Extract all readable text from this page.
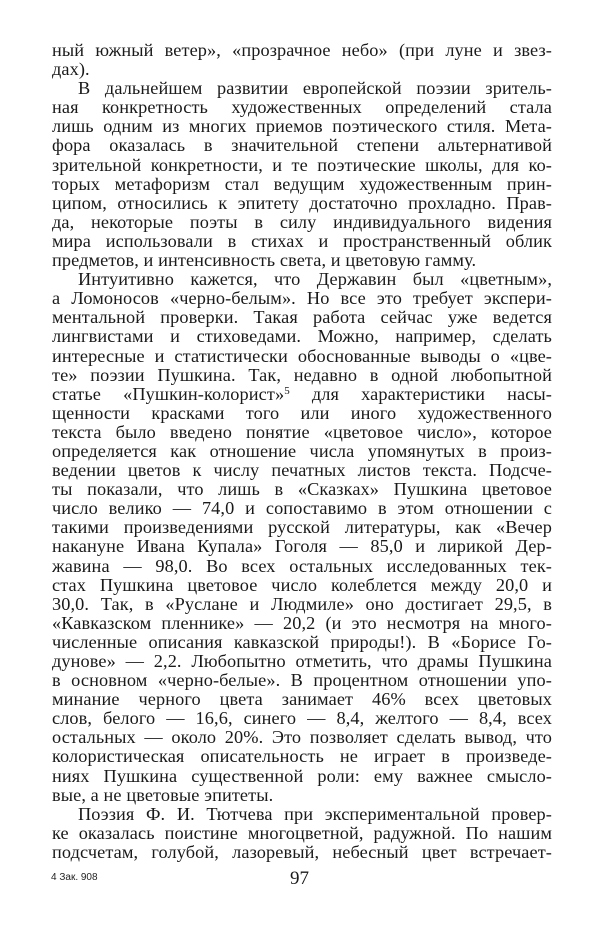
ный южный ветер», «прозрачное небо» (при луне и звез-
дах).
В дальнейшем развитии европейской поэзии зритель-
ная конкретность художественных определений стала
лишь одним из многих приемов поэтического стиля. Мета-
фора оказалась в значительной степени альтернативой
зрительной конкретности, и те поэтические школы, для ко-
торых метафоризм стал ведущим художественным прин-
ципом, относились к эпитету достаточно прохладно. Прав-
да, некоторые поэты в силу индивидуального видения
мира использовали в стихах и пространственный облик
предметов, и интенсивность света, и цветовую гамму.
Интуитивно кажется, что Державин был «цветным»,
а Ломоносов «черно-белым». Но все это требует экспери-
ментальной проверки. Такая работа сейчас уже ведется
лингвистами и стиховедами. Можно, например, сделать
интересные и статистически обоснованные выводы о «цве-
те» поэзии Пушкина. Так, недавно в одной любопытной
статье «Пушкин-колорист»$^5$ для характеристики насы-
щенности красками того или иного художественного
текста было введено понятие «цветовое число», которое
определяется как отношение числа упомянутых в произ-
ведении цветов к числу печатных листов текста. Подсче-
ты показали, что лишь в «Сказках» Пушкина цветовое
число велико — 74,0 и сопоставимо в этом отношении с
такими произведениями русской литературы, как «Вечер
накануне Ивана Купала» Гоголя — 85,0 и лирикой Дер-
жавина — 98,0. Во всех остальных исследованных тек-
стах Пушкина цветовое число колеблется между 20,0 и
30,0. Так, в «Руслане и Людмиле» оно достигает 29,5, в
«Кавказском пленнике» — 20,2 (и это несмотря на много-
численные описания кавказской природы!). В «Борисе Го-
дунове» — 2,2. Любопытно отметить, что драмы Пушкина
в основном «черно-белые». В процентном отношении упо-
минание черного цвета занимает 46% всех цветовых
слов, белого — 16,6, синего — 8,4, желтого — 8,4, всех
остальных — около 20%. Это позволяет сделать вывод, что
колористическая описательность не играет в произведе-
ниях Пушкина существенной роли: ему важнее смысло-
вые, а не цветовые эпитеты.
Поэзия Ф. И. Тютчева при экспериментальной провер-
ке оказалась поистине многоцветной, радужной. По нашим
подсчетам, голубой, лазоревый, небесный цвет встречает-
4 Зак. 908	97
